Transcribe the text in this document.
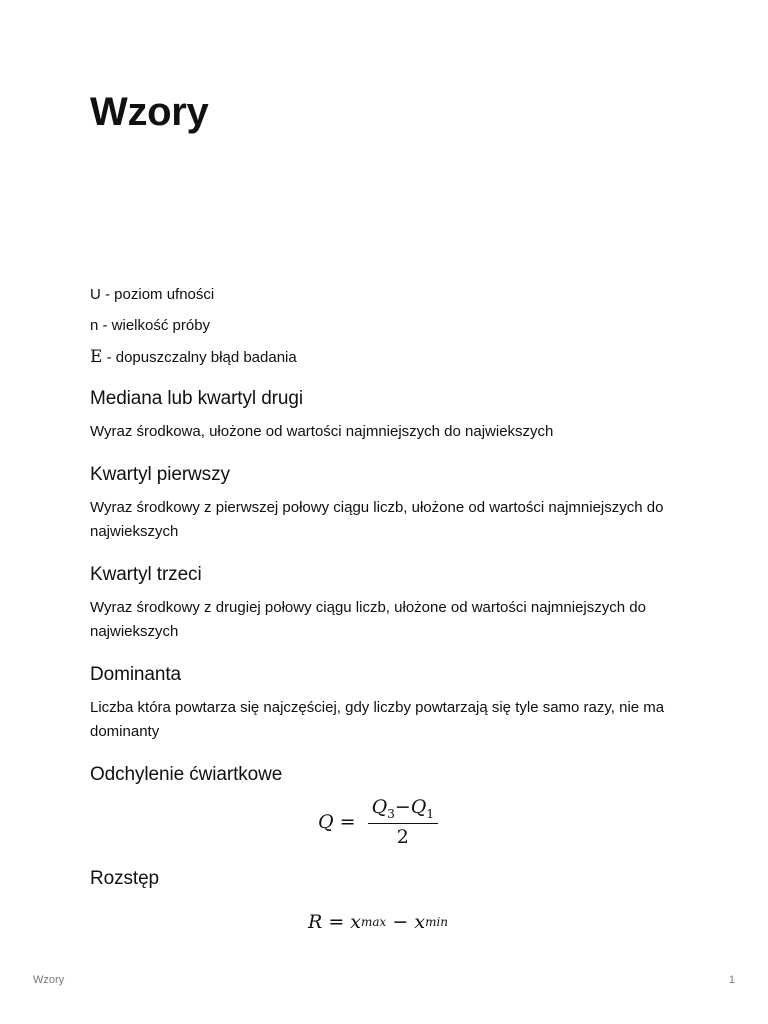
Wzory

U - poziom ufności

n - wielkość próby

E - dopuszczalny błąd badania

Mediana lub kwartyl drugi

Wyraz środkowa, ułożone od wartości najmniejszych do najwiekszych

Kwartyl pierwszy

Wyraz środkowy z pierwszej połowy ciągu liczb, ułożone od wartości najmniejszych do najwiekszych

Kwartyl trzeci

Wyraz środkowy z drugiej połowy ciągu liczb, ułożone od wartości najmniejszych do najwiekszych

Dominanta

Liczba która powtarza się najczęściej, gdy liczby powtarzają się tyle samo razy, nie ma dominanty

Odchylenie ćwiartkowe
$Q = \frac{Q_3-Q_1}{2}$
Rozstęp
R = x max − x min
Wzory	1
